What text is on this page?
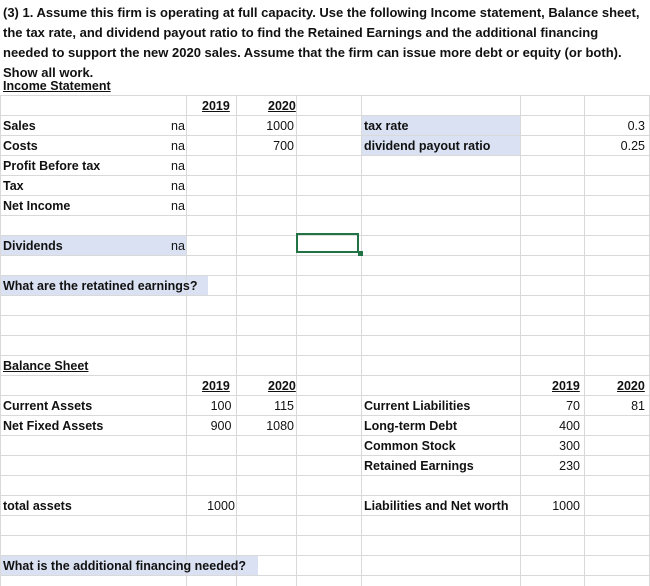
(3) 1. Assume this firm is operating at full capacity. Use the following Income statement, Balance sheet, the tax rate, and dividend payout ratio to find the Retained Earnings and the additional financing needed to support the new 2020 sales. Assume that the firm can issue more debt or equity (or both). Show all work.
Income Statement
2019	2020
Sales	na	1000
Costs	na	700
Profit Before tax	na
Tax	na
Net Income	na
Dividends	na
tax rate	0.3
dividend payout ratio	0.25
What are the retatined earnings?
Balance Sheet
2019	2020	2019	2020
Current Assets	100	115
Net Fixed Assets	900	1080
Current Liabilities	70	81
Long-term Debt	400
Common Stock	300
Retained Earnings	230
total assets	1000	Liabilities and Net worth	1000
What is the additional financing needed?
